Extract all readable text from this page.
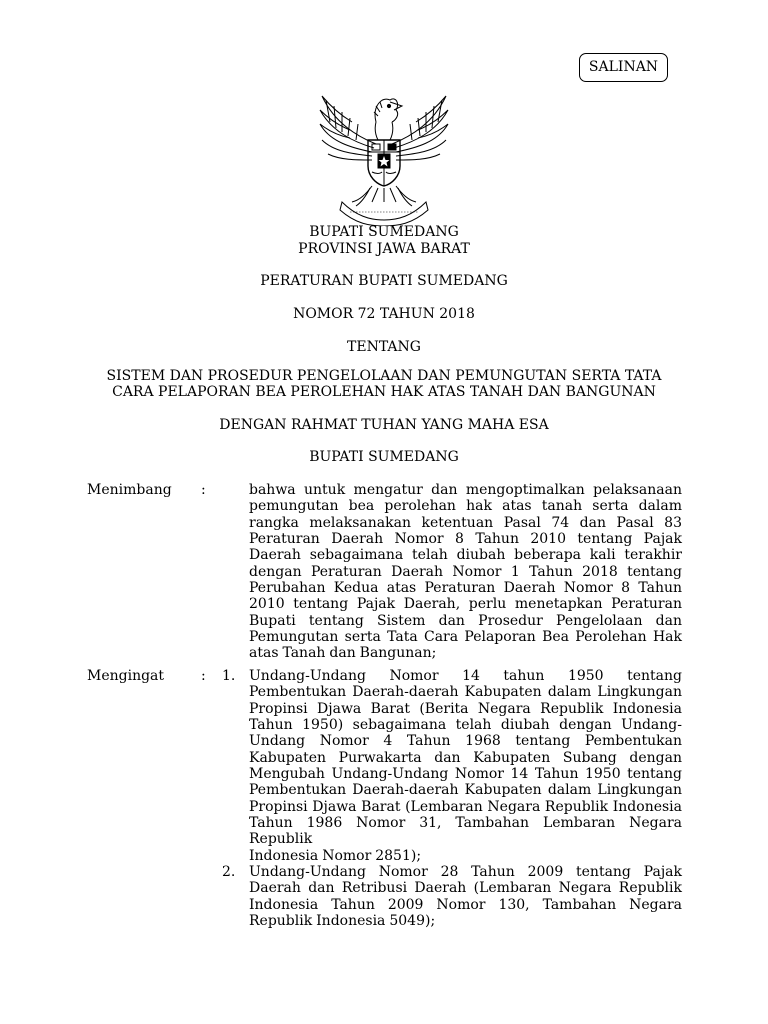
SALINAN
BUPATI SUMEDANG
PROVINSI JAWA BARAT
PERATURAN BUPATI SUMEDANG
NOMOR 72 TAHUN 2018
TENTANG
SISTEM DAN PROSEDUR PENGELOLAAN DAN PEMUNGUTAN SERTA TATA
CARA PELAPORAN BEA PEROLEHAN HAK ATAS TANAH DAN BANGUNAN
DENGAN RAHMAT TUHAN YANG MAHA ESA
BUPATI SUMEDANG
Menimbang :	bahwa untuk mengatur dan mengoptimalkan pelaksanaan pemungutan bea perolehan hak atas tanah serta dalam rangka melaksanakan ketentuan Pasal 74 dan Pasal 83 Peraturan Daerah Nomor 8 Tahun 2010 tentang Pajak Daerah sebagaimana telah diubah beberapa kali terakhir dengan Peraturan Daerah Nomor 1 Tahun 2018 tentang Perubahan Kedua atas Peraturan Daerah Nomor 8 Tahun 2010 tentang Pajak Daerah, perlu menetapkan Peraturan Bupati tentang Sistem dan Prosedur Pengelolaan dan Pemungutan serta Tata Cara Pelaporan Bea Perolehan Hak
atas Tanah dan Bangunan;
Mengingat	: 1. Undang-Undang Nomor 14 tahun 1950 tentang Pembentukan Daerah-daerah Kabupaten dalam Lingkungan Propinsi Djawa Barat (Berita Negara Republik Indonesia Tahun 1950) sebagaimana telah diubah dengan Undang-Undang Nomor 4 Tahun 1968 tentang Pembentukan Kabupaten Purwakarta dan Kabupaten Subang dengan Mengubah Undang-Undang Nomor 14 Tahun 1950 tentang Pembentukan Daerah-daerah Kabupaten dalam Lingkungan Propinsi Djawa Barat (Lembaran Negara Republik Indonesia Tahun 1986 Nomor 31, Tambahan Lembaran Negara Republik
Indonesia Nomor 2851);
2. Undang-Undang Nomor 28 Tahun 2009 tentang Pajak Daerah dan Retribusi Daerah (Lembaran Negara Republik Indonesia Tahun 2009 Nomor 130, Tambahan Negara
Republik Indonesia 5049);
